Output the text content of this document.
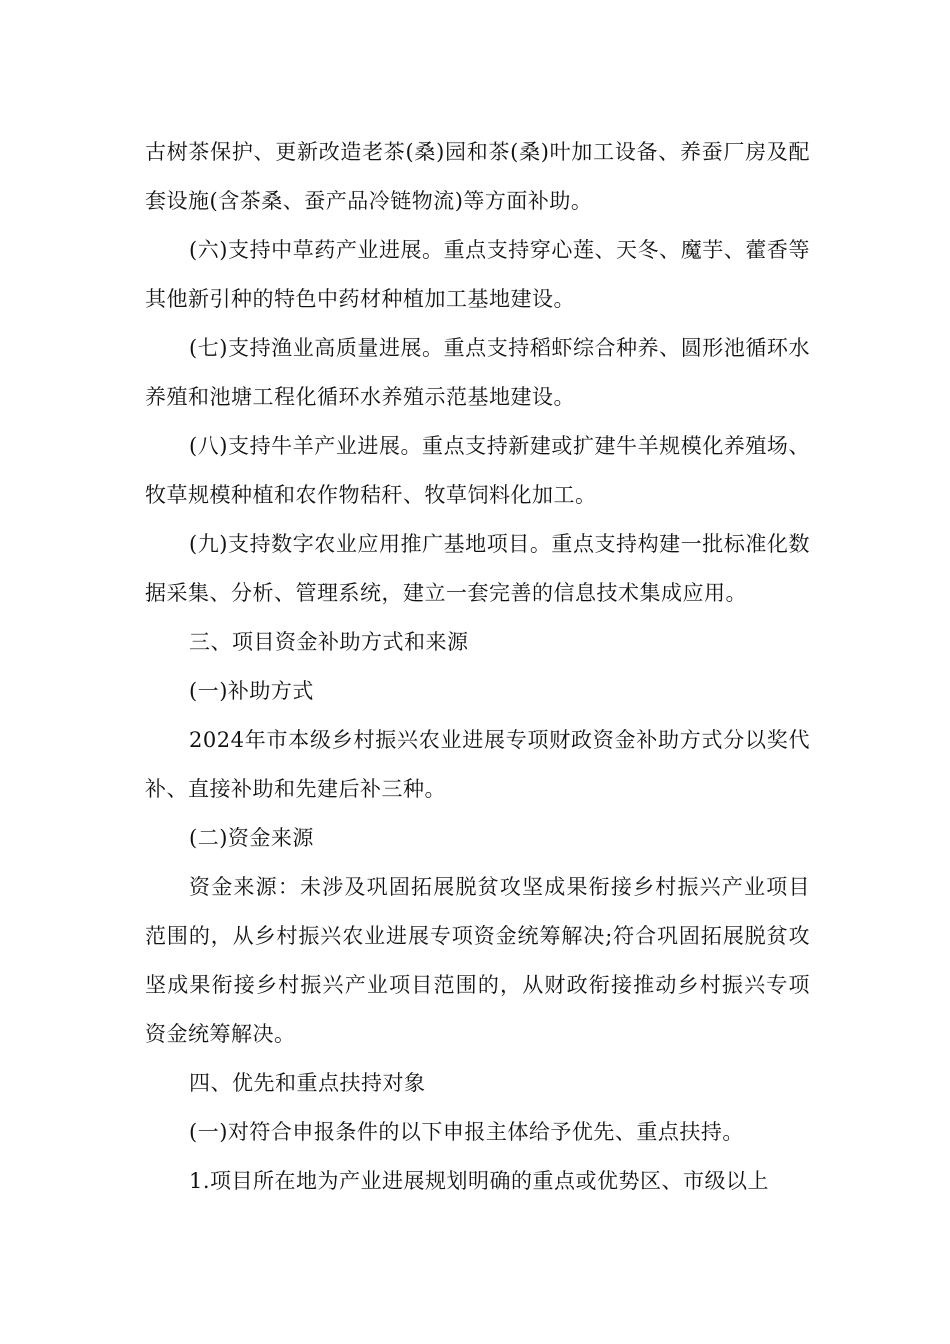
古树茶保护、更新改造老茶(桑)园和茶(桑)叶加工设备、养蚕厂房及配套设施(含茶桑、蚕产品冷链物流)等方面补助。

(六)支持中草药产业进展。重点支持穿心莲、天冬、魔芋、藿香等其他新引种的特色中药材种植加工基地建设。

(七)支持渔业高质量进展。重点支持稻虾综合种养、圆形池循环水养殖和池塘工程化循环水养殖示范基地建设。

(八)支持牛羊产业进展。重点支持新建或扩建牛羊规模化养殖场、牧草规模种植和农作物秸秆、牧草饲料化加工。

(九)支持数字农业应用推广基地项目。重点支持构建一批标准化数据采集、分析、管理系统，建立一套完善的信息技术集成应用。

三、项目资金补助方式和来源

(一)补助方式

2024年市本级乡村振兴农业进展专项财政资金补助方式分以奖代补、直接补助和先建后补三种。

(二)资金来源

资金来源：未涉及巩固拓展脱贫攻坚成果衔接乡村振兴产业项目范围的，从乡村振兴农业进展专项资金统筹解决;符合巩固拓展脱贫攻坚成果衔接乡村振兴产业项目范围的，从财政衔接推动乡村振兴专项资金统筹解决。

四、优先和重点扶持对象

(一)对符合申报条件的以下申报主体给予优先、重点扶持。

1.项目所在地为产业进展规划明确的重点或优势区、市级以上
